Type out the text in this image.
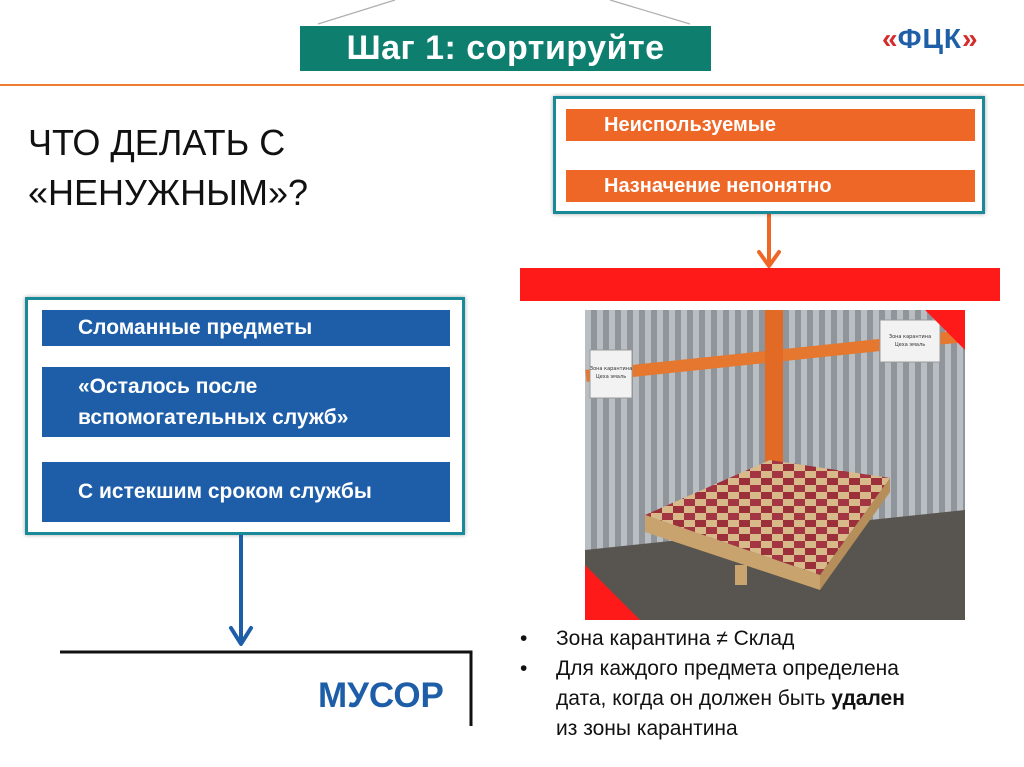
Шаг 1: сортируйте	«ФЦК»
ЧТО ДЕЛАТЬ С
«НЕНУЖНЫМ»?
Сломанные предметы
«Осталось после
вспомогательных служб»
С истекшим сроком службы
МУСОР
Неиспользуемые
Назначение непонятно
Зона карантина
Цеха эмаль
Зона карантина
Цеха эмаль
• Зона карантина ≠ Склад
• Для каждого предмета определена
дата, когда он должен быть удален
из зоны карантина
